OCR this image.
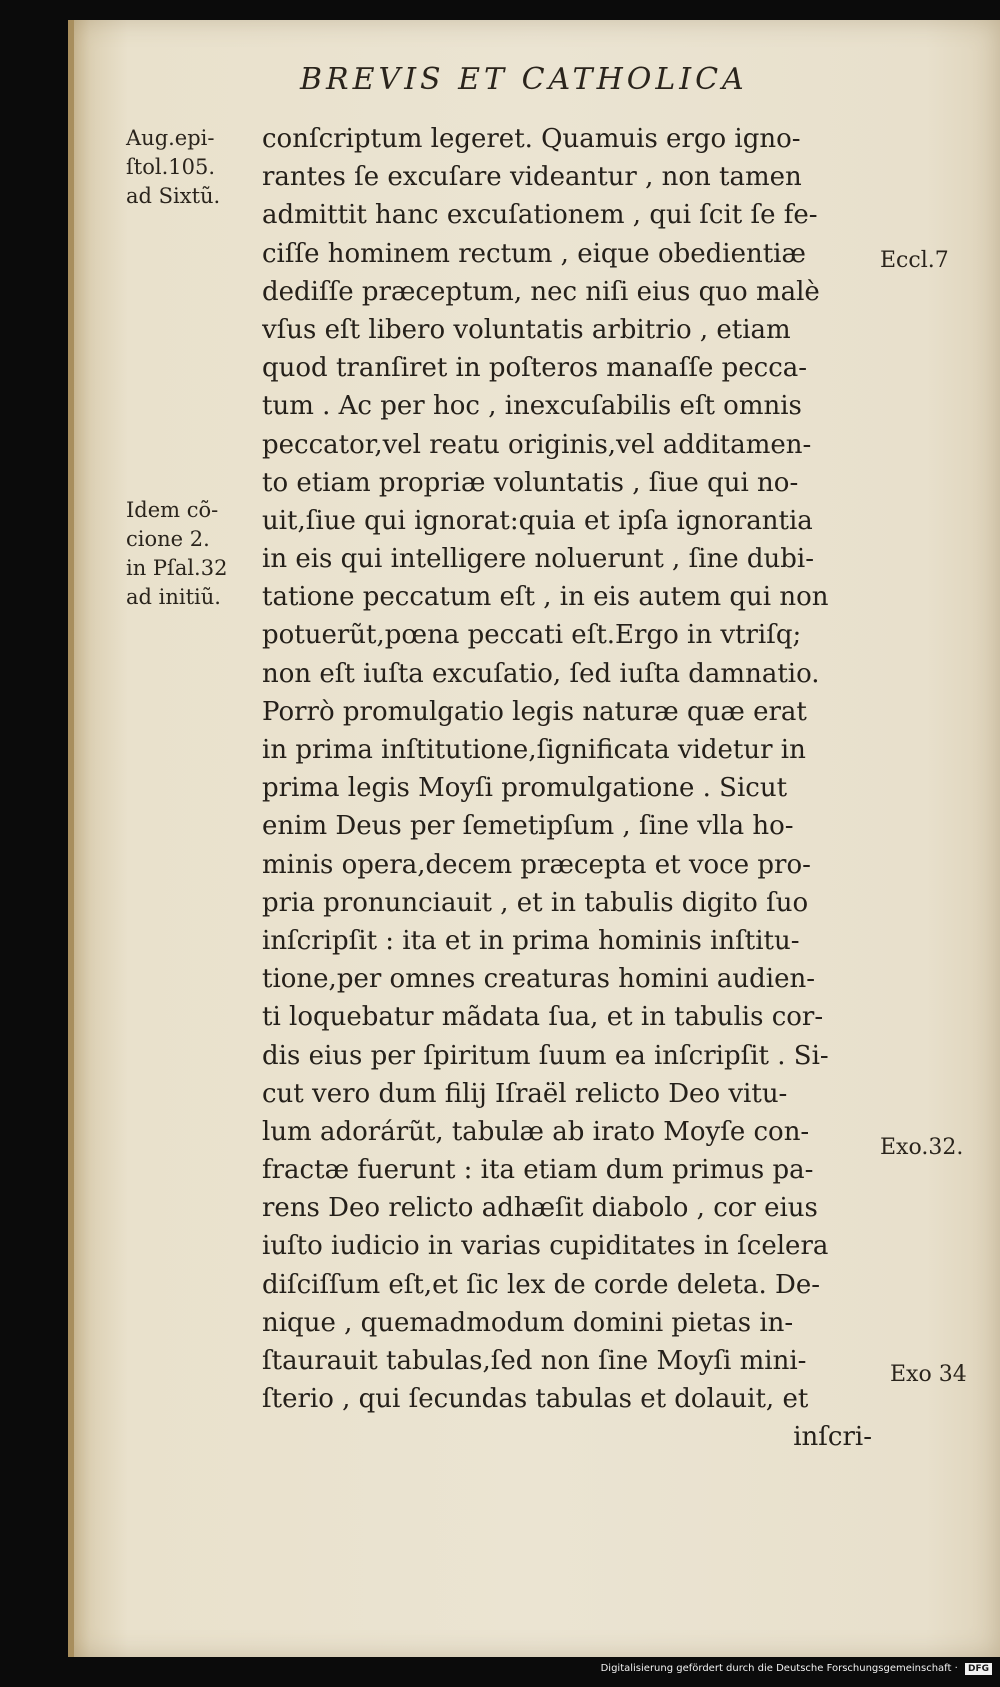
BREVIS ET CATHOLICA
Aug.epi-
ſtol.105.
ad Sixtũ.
Idem cõ-
cione 2.
in Pſal.32
ad initiũ.
Eccl.7
Exo.32.
Exo 34
conſcriptum legeret. Quamuis ergo igno-
rantes ſe excuſare videantur , non tamen
admittit hanc excuſationem , qui ſcit ſe fe-
ciſſe hominem rectum , eique obedientiæ
dediſſe præceptum, nec niſi eius quo malè
vſus eſt libero voluntatis arbitrio , etiam
quod tranſiret in poſteros manaſſe pecca-
tum . Ac per hoc , inexcuſabilis eſt omnis
peccator,vel reatu originis,vel additamen-
to etiam propriæ voluntatis , ſiue qui no-
uit,ſiue qui ignorat:quia et ipſa ignorantia
in eis qui intelligere noluerunt , ſine dubi-
tatione peccatum eſt , in eis autem qui non
potuerũt,pœna peccati eſt.Ergo in vtriſq;
non eſt iuſta excuſatio, ſed iuſta damnatio.
Porrò promulgatio legis naturæ quæ erat
in prima inſtitutione,ſignificata videtur in
prima legis Moyſi promulgatione . Sicut
enim Deus per ſemetipſum , ſine vlla ho-
minis opera,decem præcepta et voce pro-
pria pronunciauit , et in tabulis digito ſuo
inſcripſit : ita et in prima hominis inſtitu-
tione,per omnes creaturas homini audien-
ti loquebatur mãdata ſua, et in tabulis cor-
dis eius per ſpiritum ſuum ea inſcripſit . Si-
cut vero dum filij Iſraël relicto Deo vitu-
lum adorárũt, tabulæ ab irato Moyſe con-
fractæ fuerunt : ita etiam dum primus pa-
rens Deo relicto adhæſit diabolo , cor eius
iuſto iudicio in varias cupiditates in ſcelera
diſciſſum eſt,et ſic lex de corde deleta. De-
nique , quemadmodum domini pietas in-
ſtaurauit tabulas,ſed non ſine Moyſi mini-
ſterio , qui ſecundas tabulas et dolauit, et
inſcri-
Digitalisierung gefördert durch die Deutsche Forschungsgemeinschaft · DFG
